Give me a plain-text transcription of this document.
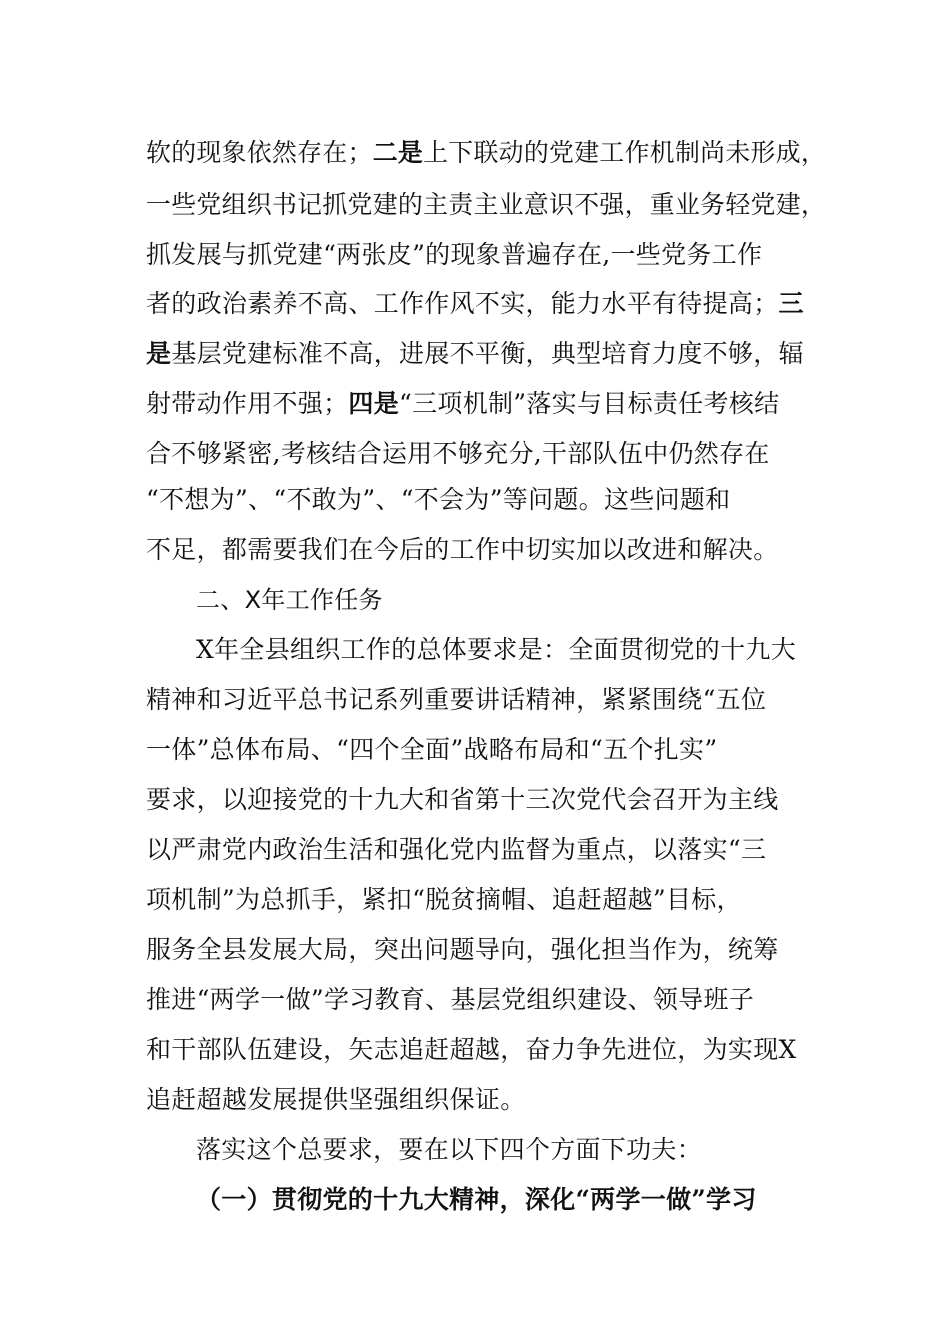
软的现象依然存在；二是上下联动的党建工作机制尚未形成，
一些党组织书记抓党建的主责主业意识不强，重业务轻党建，
抓发展与抓党建“两张皮”的现象普遍存在,一些党务工作
者的政治素养不高、工作作风不实，能力水平有待提高；三
是基层党建标准不高，进展不平衡，典型培育力度不够，辐
射带动作用不强；四是“三项机制”落实与目标责任考核结
合不够紧密,考核结合运用不够充分,干部队伍中仍然存在
“不想为”、“不敢为”、“不会为”等问题。这些问题和
不足，都需要我们在今后的工作中切实加以改进和解决。
二、X年工作任务
X年全县组织工作的总体要求是：全面贯彻党的十九大
精神和习近平总书记系列重要讲话精神，紧紧围绕“五位
一体”总体布局、“四个全面”战略布局和“五个扎实”
要求，以迎接党的十九大和省第十三次党代会召开为主线
以严肃党内政治生活和强化党内监督为重点，以落实“三
项机制”为总抓手，紧扣“脱贫摘帽、追赶超越”目标，
服务全县发展大局，突出问题导向，强化担当作为，统筹
推进“两学一做”学习教育、基层党组织建设、领导班子
和干部队伍建设，矢志追赶超越，奋力争先进位，为实现X
追赶超越发展提供坚强组织保证。
落实这个总要求，要在以下四个方面下功夫：
（一）贯彻党的十九大精神，深化“两学一做”学习
